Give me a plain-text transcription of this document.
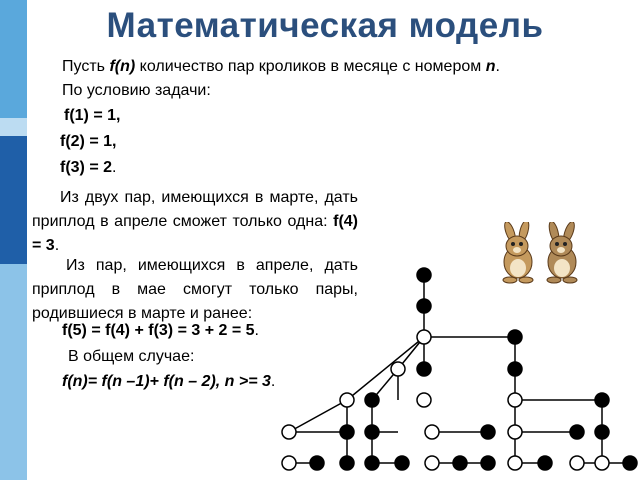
Математическая модель
Пусть f(n) количество пар кроликов в месяце с номером n.
По условию задачи:
f(1) = 1,
f(2) = 1,
f(3) = 2.
Из двух пар, имеющихся в марте, дать приплод в апреле сможет только одна: f(4) = 3.
Из пар, имеющихся в апреле, дать приплод в мае смогут только пары, родившиеся в марте и ранее:
f(5) = f(4) + f(3) = 3 + 2 = 5.
В общем случае:
f(n)= f(n –1)+ f(n – 2), n >= 3.
